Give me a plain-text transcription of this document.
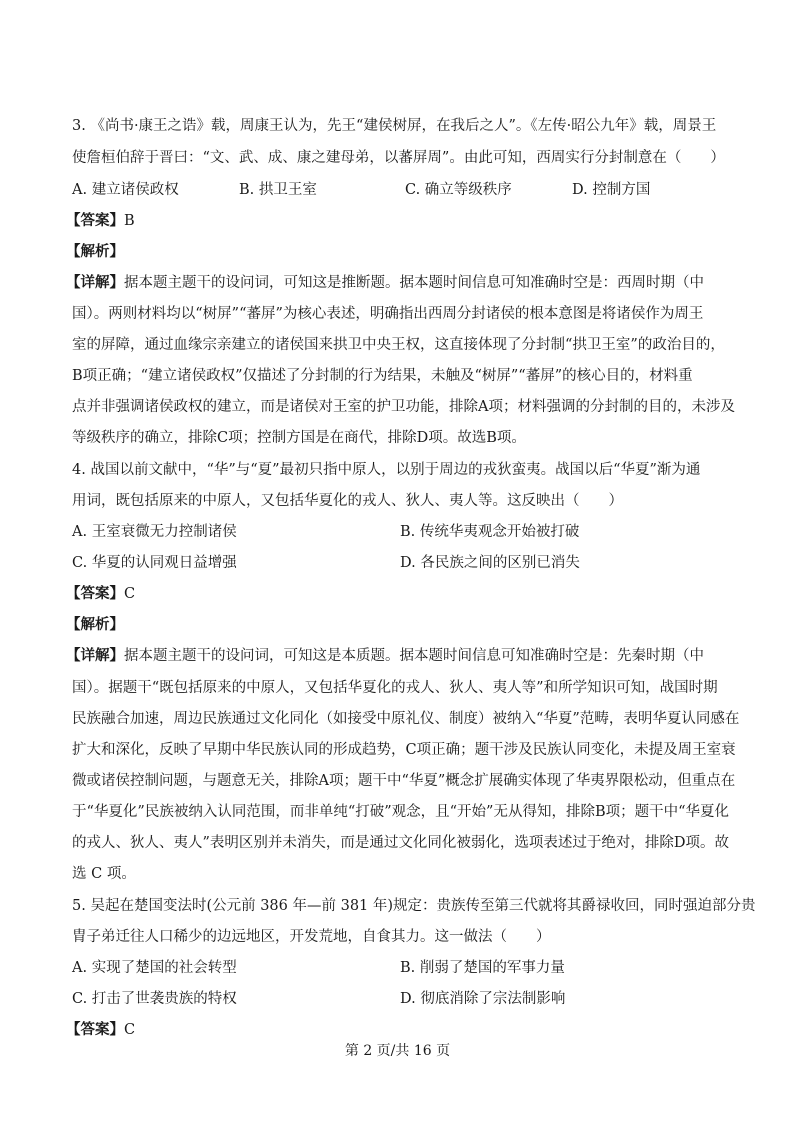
3. 《尚书·康王之诰》载，周康王认为，先王“建侯树屏，在我后之人”。《左传·昭公九年》载，周景王
使詹桓伯辞于晋曰：“文、武、成、康之建母弟，以蕃屏周”。由此可知，西周实行分封制意在（　　）
A. 建立诸侯政权	B. 拱卫王室	C. 确立等级秩序	D. 控制方国
【答案】B
【解析】
【详解】据本题主题干的设问词，可知这是推断题。据本题时间信息可知准确时空是：西周时期（中
国）。两则材料均以“树屏”“蕃屏”为核心表述，明确指出西周分封诸侯的根本意图是将诸侯作为周王
室的屏障，通过血缘宗亲建立的诸侯国来拱卫中央王权，这直接体现了分封制“拱卫王室”的政治目的，
B项正确；“建立诸侯政权”仅描述了分封制的行为结果，未触及“树屏”“蕃屏”的核心目的，材料重
点并非强调诸侯政权的建立，而是诸侯对王室的护卫功能，排除A项；材料强调的分封制的目的，未涉及
等级秩序的确立，排除C项；控制方国是在商代，排除D项。故选B项。
4. 战国以前文献中，“华”与“夏”最初只指中原人，以别于周边的戎狄蛮夷。战国以后“华夏”渐为通
用词，既包括原来的中原人，又包括华夏化的戎人、狄人、夷人等。这反映出（　　）
A. 王室衰微无力控制诸侯	B. 传统华夷观念开始被打破
C. 华夏的认同观日益增强	D. 各民族之间的区别已消失
【答案】C
【解析】
【详解】据本题主题干的设问词，可知这是本质题。据本题时间信息可知准确时空是：先秦时期（中
国）。据题干“既包括原来的中原人，又包括华夏化的戎人、狄人、夷人等”和所学知识可知，战国时期
民族融合加速，周边民族通过文化同化（如接受中原礼仪、制度）被纳入“华夏”范畴，表明华夏认同感在
扩大和深化，反映了早期中华民族认同的形成趋势，C项正确；题干涉及民族认同变化，未提及周王室衰
微或诸侯控制问题，与题意无关，排除A项；题干中“华夏”概念扩展确实体现了华夷界限松动，但重点在
于“华夏化”民族被纳入认同范围，而非单纯“打破”观念，且“开始”无从得知，排除B项；题干中“华夏化
的戎人、狄人、夷人”表明区别并未消失，而是通过文化同化被弱化，选项表述过于绝对，排除D项。故
选 C 项。
5. 吴起在楚国变法时(公元前 386 年—前 381 年)规定：贵族传至第三代就将其爵禄收回，同时强迫部分贵
胄子弟迁往人口稀少的边远地区，开发荒地，自食其力。这一做法（　　）
A. 实现了楚国的社会转型	B. 削弱了楚国的军事力量
C. 打击了世袭贵族的特权	D. 彻底消除了宗法制影响
【答案】C
第 2 页/共 16 页
